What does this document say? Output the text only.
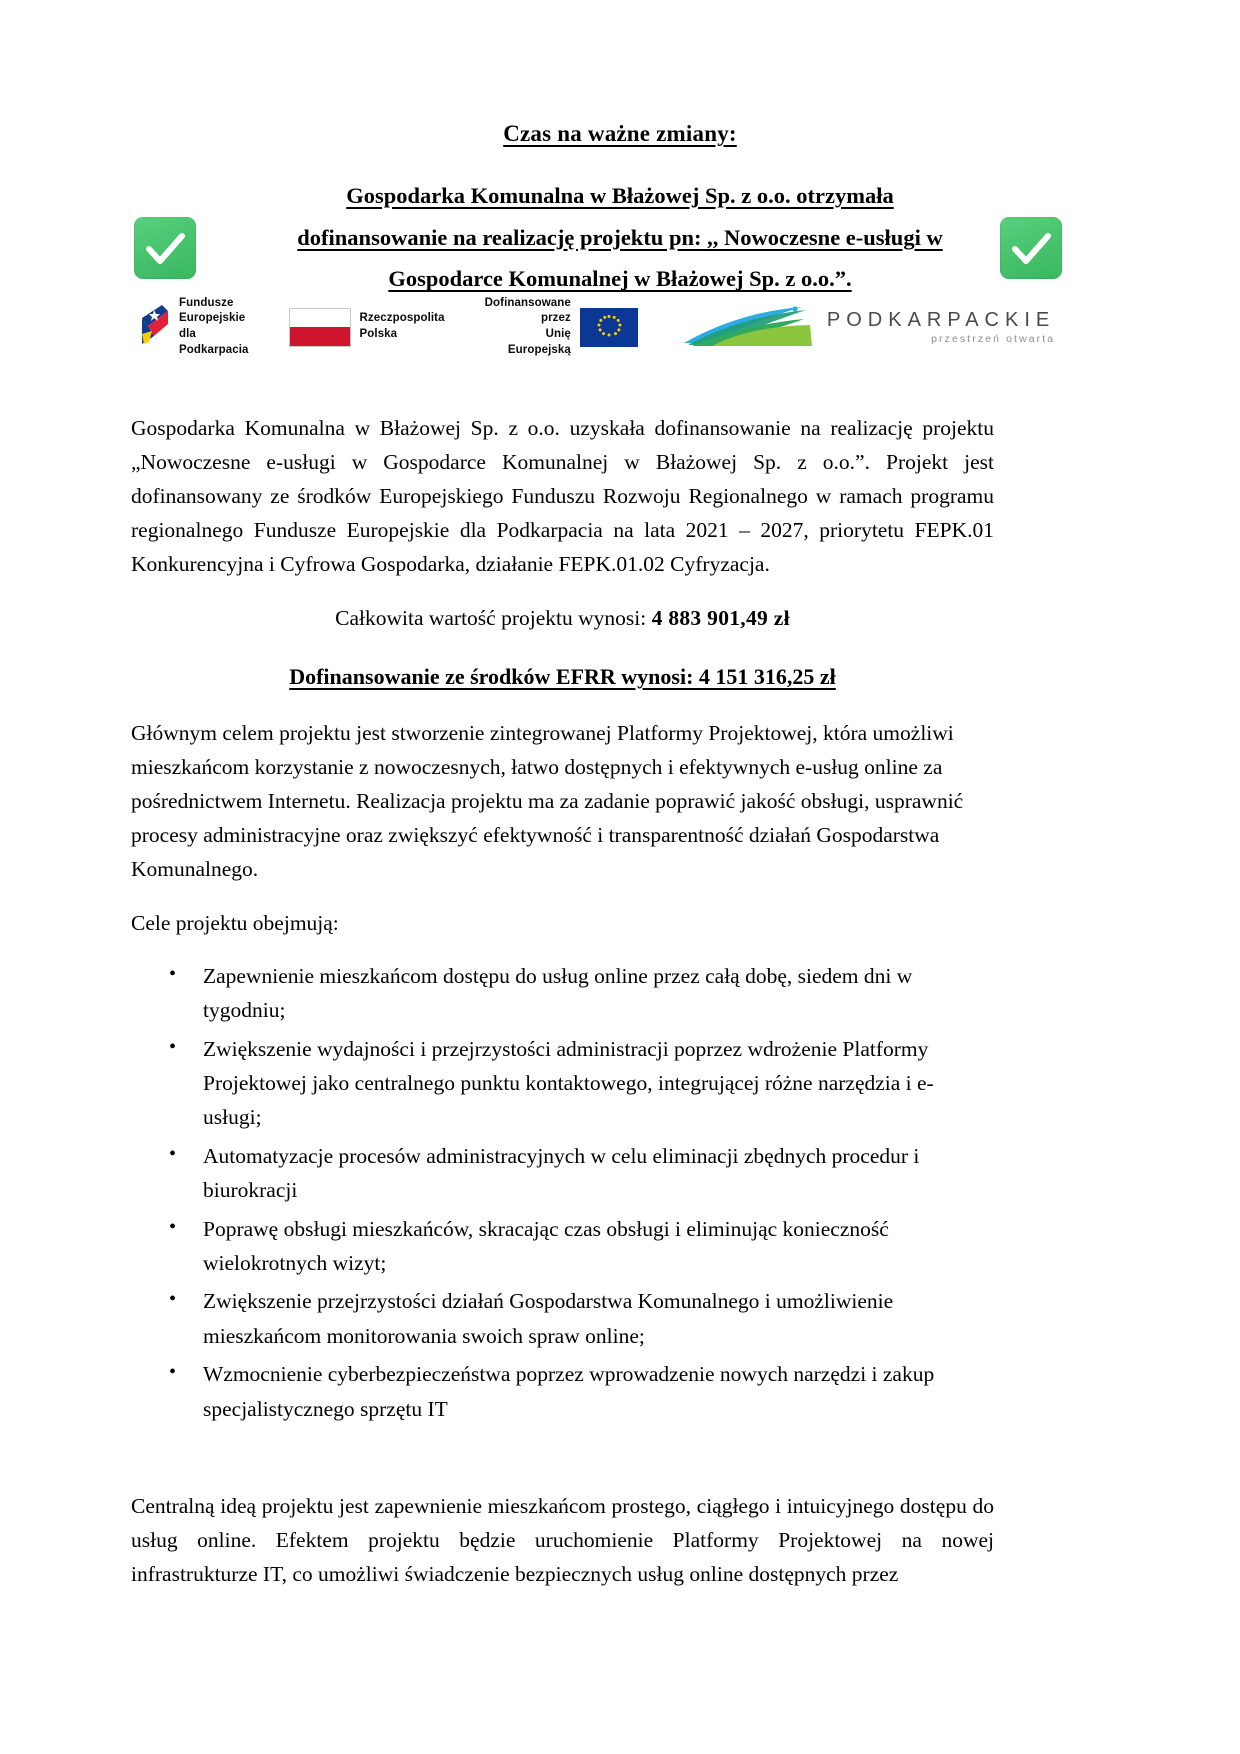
Czas na ważne zmiany:
Gospodarka Komunalna w Błażowej Sp. z o.o. otrzymała
dofinansowanie na realizację projektu pn: ,, Nowoczesne e-usługi w
Gospodarce Komunalnej w Błażowej Sp. z o.o.”.
Fundusze Europejskie
dla Podkarpacia
Rzeczpospolita
Polska
Dofinansowane przez
Unię Europejską
PODKARPACKIE
przestrzeń otwarta

Gospodarka Komunalna w Błażowej Sp. z o.o. uzyskała dofinansowanie na realizację projektu „Nowoczesne e-usługi w Gospodarce Komunalnej w Błażowej Sp. z o.o.”. Projekt jest dofinansowany ze środków Europejskiego Funduszu Rozwoju Regionalnego w ramach programu regionalnego Fundusze Europejskie dla Podkarpacia na lata 2021 – 2027, priorytetu FEPK.01 Konkurencyjna i Cyfrowa Gospodarka, działanie FEPK.01.02 Cyfryzacja.

Całkowita wartość projektu wynosi: 4 883 901,49 zł
Dofinansowanie ze środków EFRR wynosi: 4 151 316,25 zł

Głównym celem projektu jest stworzenie zintegrowanej Platformy Projektowej, która umożliwi mieszkańcom korzystanie z nowoczesnych, łatwo dostępnych i efektywnych e-usług online za pośrednictwem Internetu. Realizacja projektu ma za zadanie poprawić jakość obsługi, usprawnić procesy administracyjne oraz zwiększyć efektywność i transparentność działań Gospodarstwa Komunalnego.

Cele projektu obejmują:

• Zapewnienie mieszkańcom dostępu do usług online przez całą dobę, siedem dni w tygodniu;
• Zwiększenie wydajności i przejrzystości administracji poprzez wdrożenie Platformy Projektowej jako centralnego punktu kontaktowego, integrującej różne narzędzia i e-usługi;
• Automatyzacje procesów administracyjnych w celu eliminacji zbędnych procedur i biurokracji
• Poprawę obsługi mieszkańców, skracając czas obsługi i eliminując konieczność wielokrotnych wizyt;
• Zwiększenie przejrzystości działań Gospodarstwa Komunalnego i umożliwienie mieszkańcom monitorowania swoich spraw online;
• Wzmocnienie cyberbezpieczeństwa poprzez wprowadzenie nowych narzędzi i zakup specjalistycznego sprzętu IT

Centralną ideą projektu jest zapewnienie mieszkańcom prostego, ciągłego i intuicyjnego dostępu do usług online. Efektem projektu będzie uruchomienie Platformy Projektowej na nowej infrastrukturze IT, co umożliwi świadczenie bezpiecznych usług online dostępnych przez
